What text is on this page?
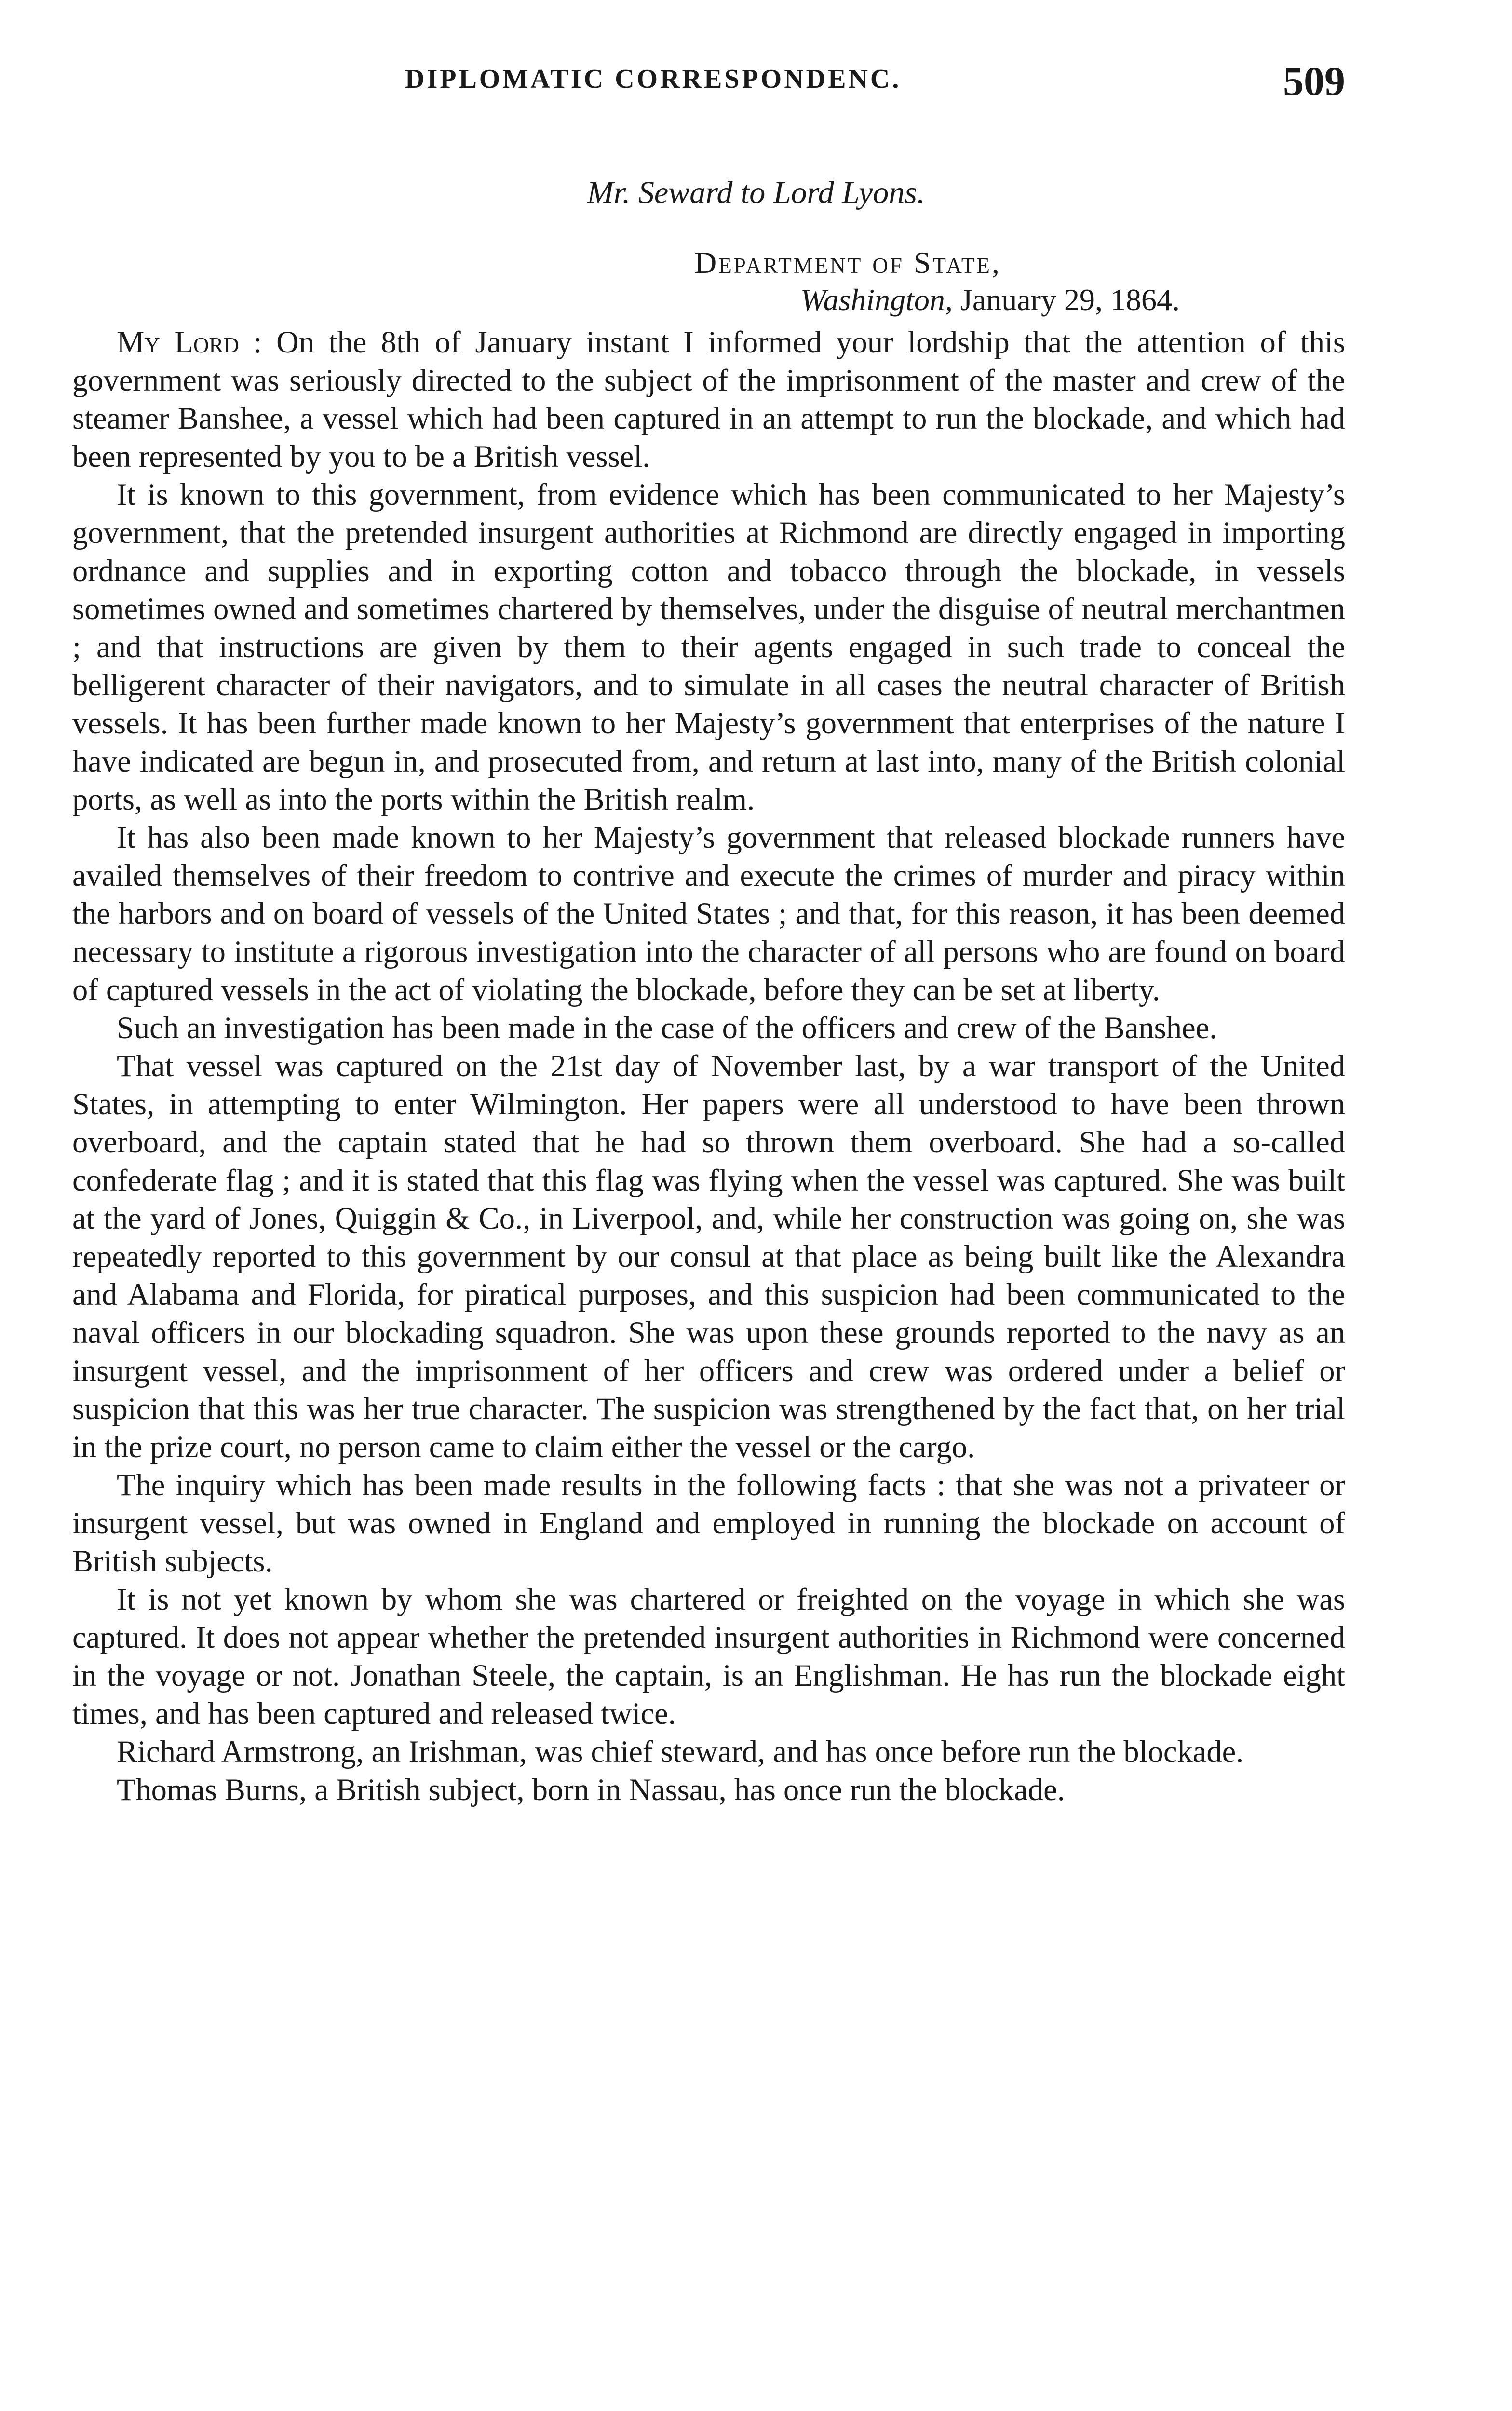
DIPLOMATIC CORRESPONDENC.	509
Mr. Seward to Lord Lyons.
Department of State,
Washington, January 29, 1864.

My Lord : On the 8th of January instant I informed your lordship that the attention of this government was seriously directed to the subject of the imprisonment of the master and crew of the steamer Banshee, a vessel which had been captured in an attempt to run the blockade, and which had been represented by you to be a British vessel.

It is known to this government, from evidence which has been communicated to her Majesty’s government, that the pretended insurgent authorities at Richmond are directly engaged in importing ordnance and supplies and in exporting cotton and tobacco through the blockade, in vessels sometimes owned and sometimes chartered by themselves, under the disguise of neutral merchantmen ; and that instructions are given by them to their agents engaged in such trade to conceal the belligerent character of their navigators, and to simulate in all cases the neutral character of British vessels. It has been further made known to her Majesty’s government that enterprises of the nature I have indicated are begun in, and prosecuted from, and return at last into, many of the British colonial ports, as well as into the ports within the British realm.

It has also been made known to her Majesty’s government that released blockade runners have availed themselves of their freedom to contrive and execute the crimes of murder and piracy within the harbors and on board of vessels of the United States ; and that, for this reason, it has been deemed necessary to institute a rigorous investigation into the character of all persons who are found on board of captured vessels in the act of violating the blockade, before they can be set at liberty.

Such an investigation has been made in the case of the officers and crew of the Banshee.

That vessel was captured on the 21st day of November last, by a war transport of the United States, in attempting to enter Wilmington. Her papers were all understood to have been thrown overboard, and the captain stated that he had so thrown them overboard. She had a so-called confederate flag ; and it is stated that this flag was flying when the vessel was captured. She was built at the yard of Jones, Quiggin & Co., in Liverpool, and, while her construction was going on, she was repeatedly reported to this government by our consul at that place as being built like the Alexandra and Alabama and Florida, for piratical purposes, and this suspicion had been communicated to the naval officers in our blockading squadron. She was upon these grounds reported to the navy as an insurgent vessel, and the imprisonment of her officers and crew was ordered under a belief or suspicion that this was her true character. The suspicion was strengthened by the fact that, on her trial in the prize court, no person came to claim either the vessel or the cargo.

The inquiry which has been made results in the following facts : that she was not a privateer or insurgent vessel, but was owned in England and employed in running the blockade on account of British subjects.

It is not yet known by whom she was chartered or freighted on the voyage in which she was captured. It does not appear whether the pretended insurgent authorities in Richmond were concerned in the voyage or not. Jonathan Steele, the captain, is an Englishman. He has run the blockade eight times, and has been captured and released twice.

Richard Armstrong, an Irishman, was chief steward, and has once before run the blockade.

Thomas Burns, a British subject, born in Nassau, has once run the blockade.
